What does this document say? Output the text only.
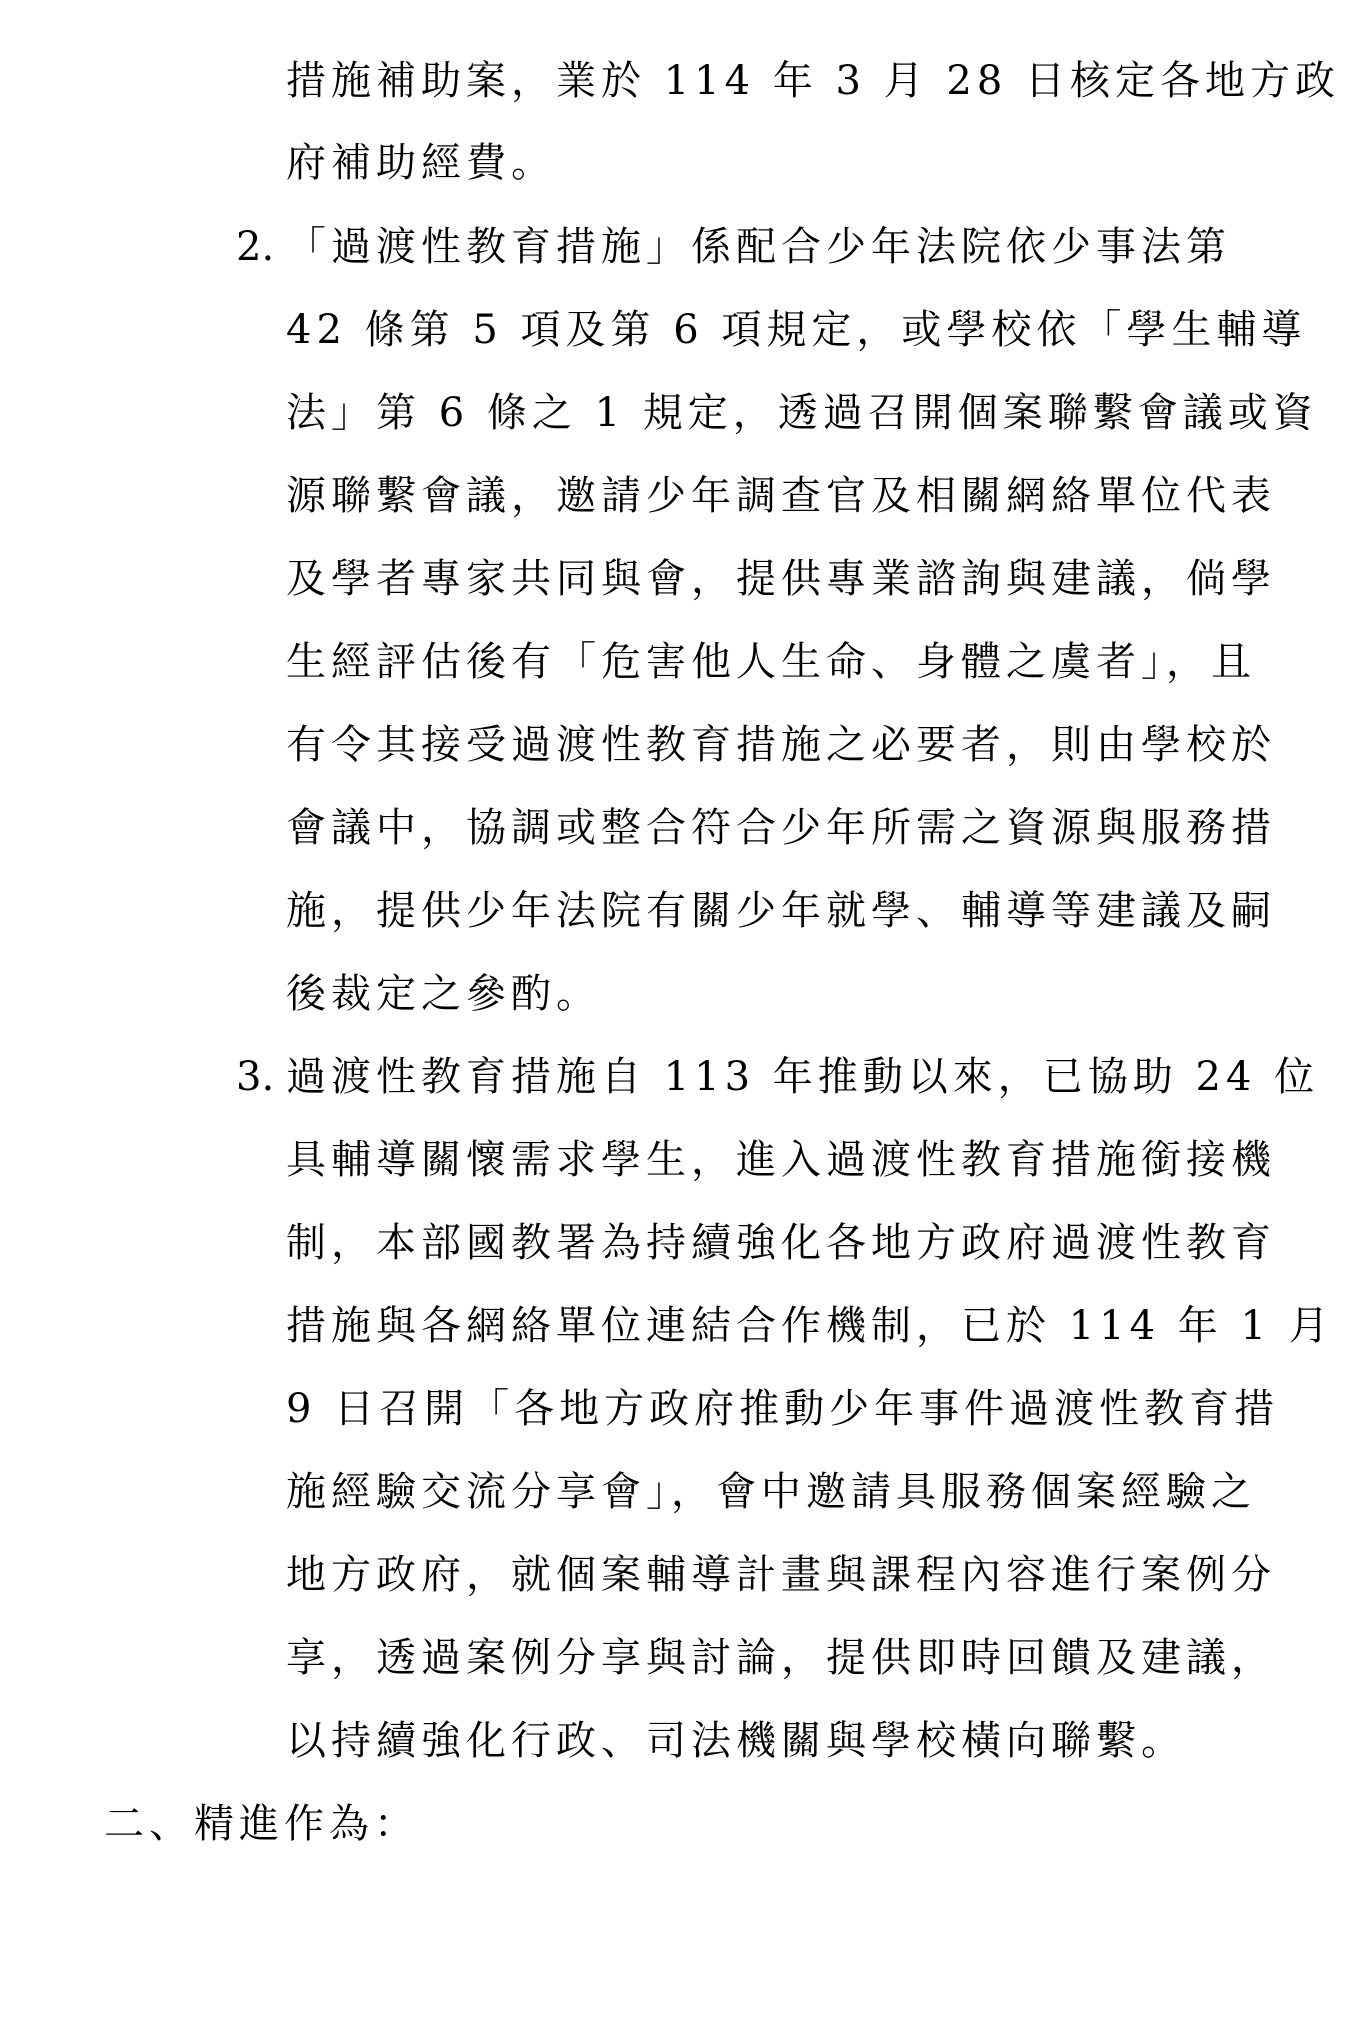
措施補助案，業於 114 年 3 月 28 日核定各地方政
府補助經費。
2. 「過渡性教育措施」係配合少年法院依少事法第
42 條第 5 項及第 6 項規定，或學校依「學生輔導
法」第 6 條之 1 規定，透過召開個案聯繫會議或資
源聯繫會議，邀請少年調查官及相關網絡單位代表
及學者專家共同與會，提供專業諮詢與建議，倘學
生經評估後有「危害他人生命、身體之虞者」，且
有令其接受過渡性教育措施之必要者，則由學校於
會議中，協調或整合符合少年所需之資源與服務措
施，提供少年法院有關少年就學、輔導等建議及嗣
後裁定之參酌。
3. 過渡性教育措施自 113 年推動以來，已協助 24 位
具輔導關懷需求學生，進入過渡性教育措施銜接機
制，本部國教署為持續強化各地方政府過渡性教育
措施與各網絡單位連結合作機制，已於 114 年 1 月
9 日召開「各地方政府推動少年事件過渡性教育措
施經驗交流分享會」，會中邀請具服務個案經驗之
地方政府，就個案輔導計畫與課程內容進行案例分
享，透過案例分享與討論，提供即時回饋及建議，
以持續強化行政、司法機關與學校橫向聯繫。
二、精進作為：
